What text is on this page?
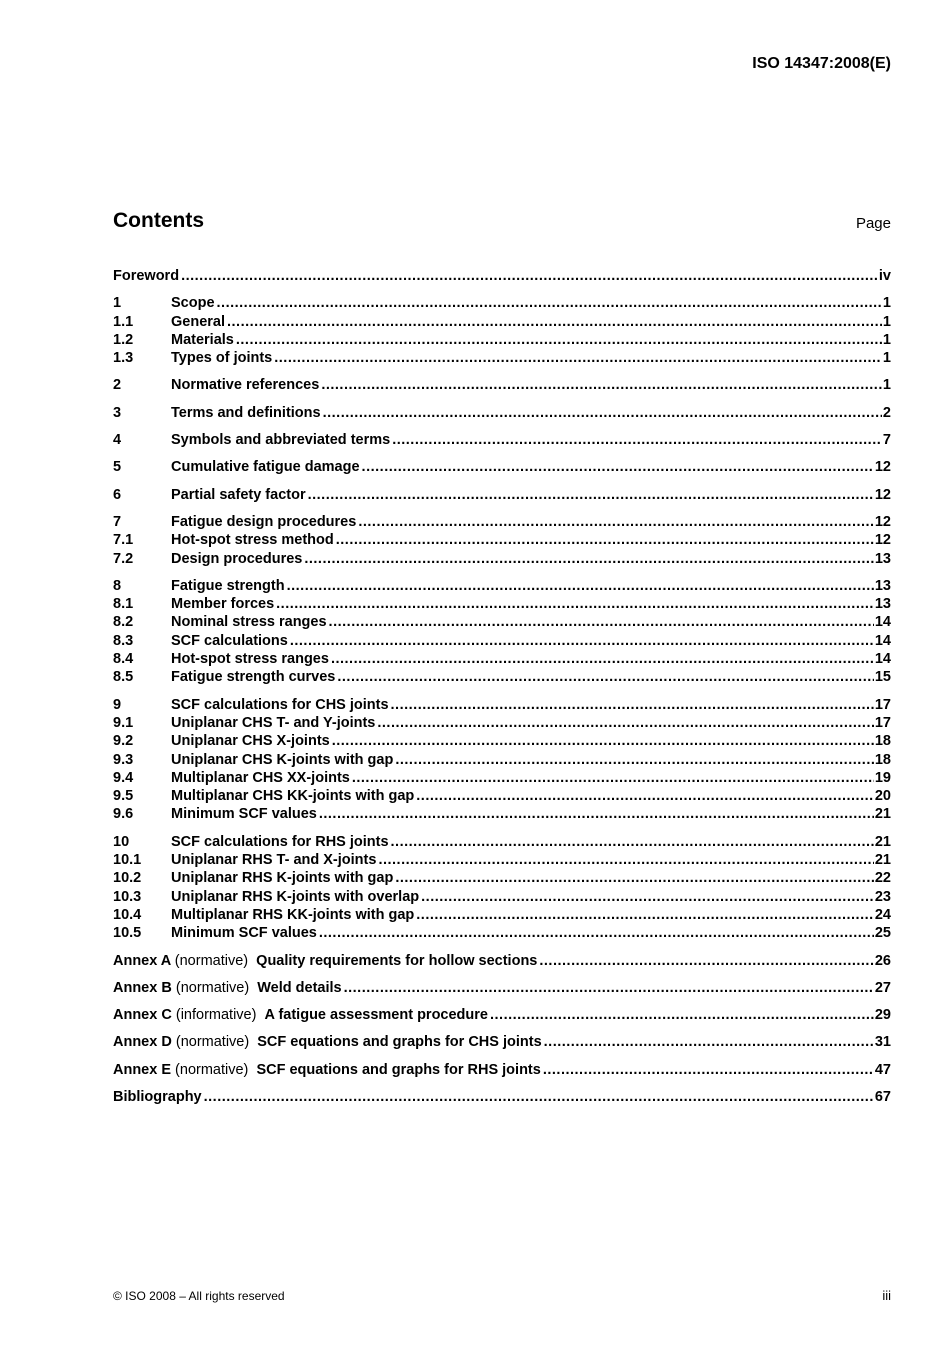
ISO 14347:2008(E)
Contents	Page
Foreword .....	iv
1	Scope .....	1
1.1	General .....	1
1.2	Materials .....	1
1.3	Types of joints .....	1
2	Normative references .....	1
3	Terms and definitions .....	2
4	Symbols and abbreviated terms .....	7
5	Cumulative fatigue damage .....	12
6	Partial safety factor .....	12
7	Fatigue design procedures .....	12
7.1	Hot-spot stress method .....	12
7.2	Design procedures .....	13
8	Fatigue strength .....	13
8.1	Member forces .....	13
8.2	Nominal stress ranges .....	14
8.3	SCF calculations .....	14
8.4	Hot-spot stress ranges .....	14
8.5	Fatigue strength curves .....	15
9	SCF calculations for CHS joints .....	17
9.1	Uniplanar CHS T- and Y-joints .....	17
9.2	Uniplanar CHS X-joints .....	18
9.3	Uniplanar CHS K-joints with gap .....	18
9.4	Multiplanar CHS XX-joints .....	19
9.5	Multiplanar CHS KK-joints with gap .....	20
9.6	Minimum SCF values .....	21
10	SCF calculations for RHS joints .....	21
10.1	Uniplanar RHS T- and X-joints .....	21
10.2	Uniplanar RHS K-joints with gap .....	22
10.3	Uniplanar RHS K-joints with overlap .....	23
10.4	Multiplanar RHS KK-joints with gap .....	24
10.5	Minimum SCF values .....	25
Annex A (normative) Quality requirements for hollow sections .....	26
Annex B (normative) Weld details .....	27
Annex C (informative) A fatigue assessment procedure .....	29
Annex D (normative) SCF equations and graphs for CHS joints .....	31
Annex E (normative) SCF equations and graphs for RHS joints .....	47
Bibliography .....	67
© ISO 2008 – All rights reserved	iii
